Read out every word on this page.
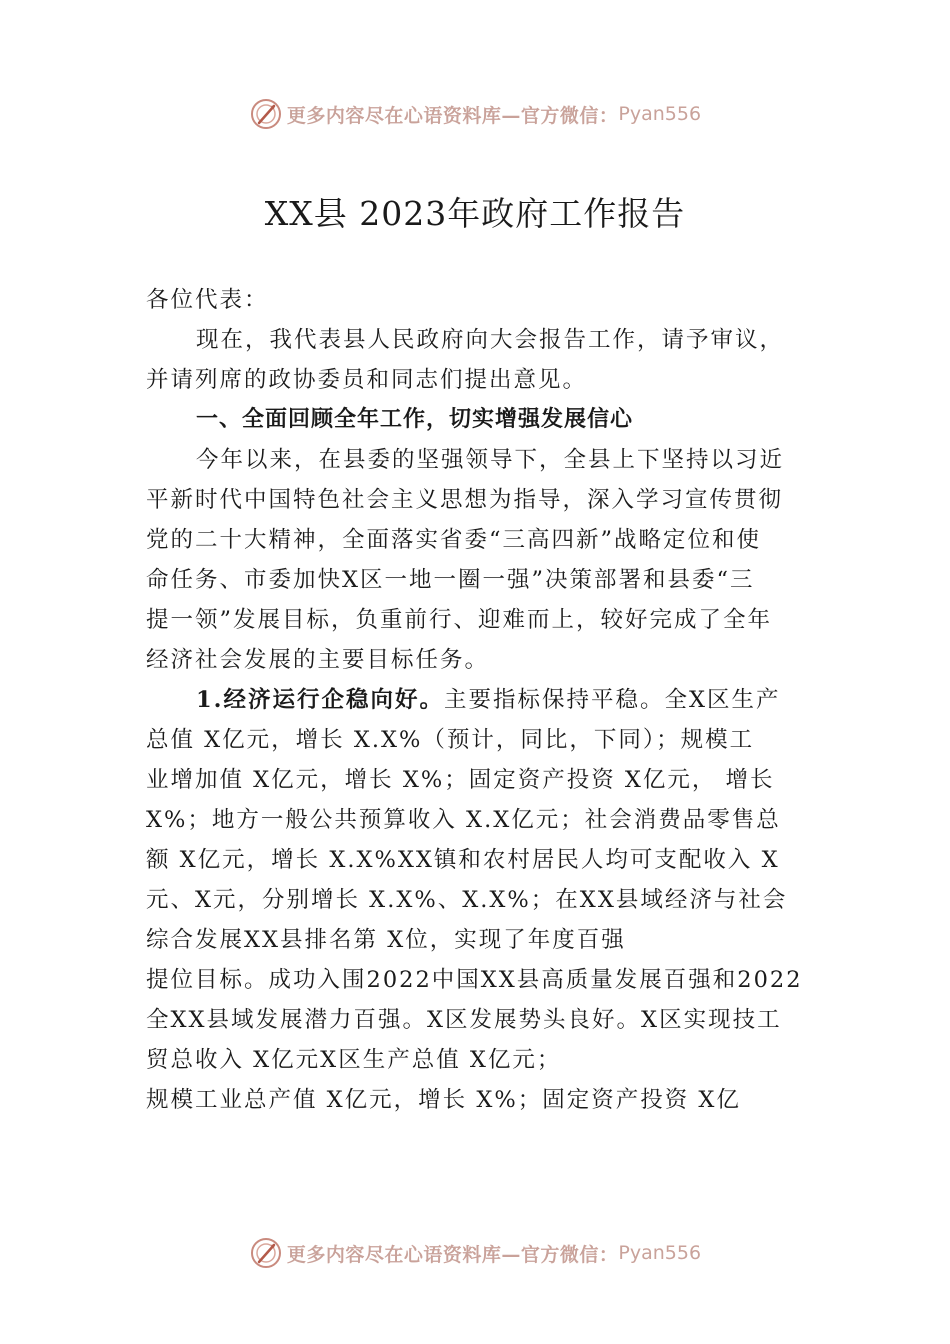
更多内容尽在心语资料库—官方微信： Pyan556
XX县 2023年政府工作报告
各位代表：
现在，我代表县人民政府向大会报告工作，请予审议，
并请列席的政协委员和同志们提出意见。
一、全面回顾全年工作，切实增强发展信心
今年以来，在县委的坚强领导下，全县上下坚持以习近
平新时代中国特色社会主义思想为指导，深入学习宣传贯彻
党的二十大精神，全面落实省委“三高四新”战略定位和使
命任务、市委加快X区一地一圈一强”决策部署和县委“三
提一领”发展目标，负重前行、迎难而上，较好完成了全年
经济社会发展的主要目标任务。
1.经济运行企稳向好。主要指标保持平稳。全X区生产
总值 X亿元，增长 X.X%（预计，同比，下同）；规模工
业增加值 X亿元，增长 X%；固定资产投资 X亿元， 增长
X%；地方一般公共预算收入 X.X亿元；社会消费品零售总
额 X亿元，增长 X.X%XX镇和农村居民人均可支配收入 X
元、X元，分别增长 X.X%、X.X%；在XX县域经济与社会
综合发展XX县排名第 X位，实现了年度百强
提位目标。成功入围2022中国XX县高质量发展百强和2022
全XX县域发展潜力百强。X区发展势头良好。X区实现技工
贸总收入 X亿元X区生产总值 X亿元；
规模工业总产值 X亿元，增长 X%；固定资产投资 X亿
更多内容尽在心语资料库—官方微信： Pyan556
